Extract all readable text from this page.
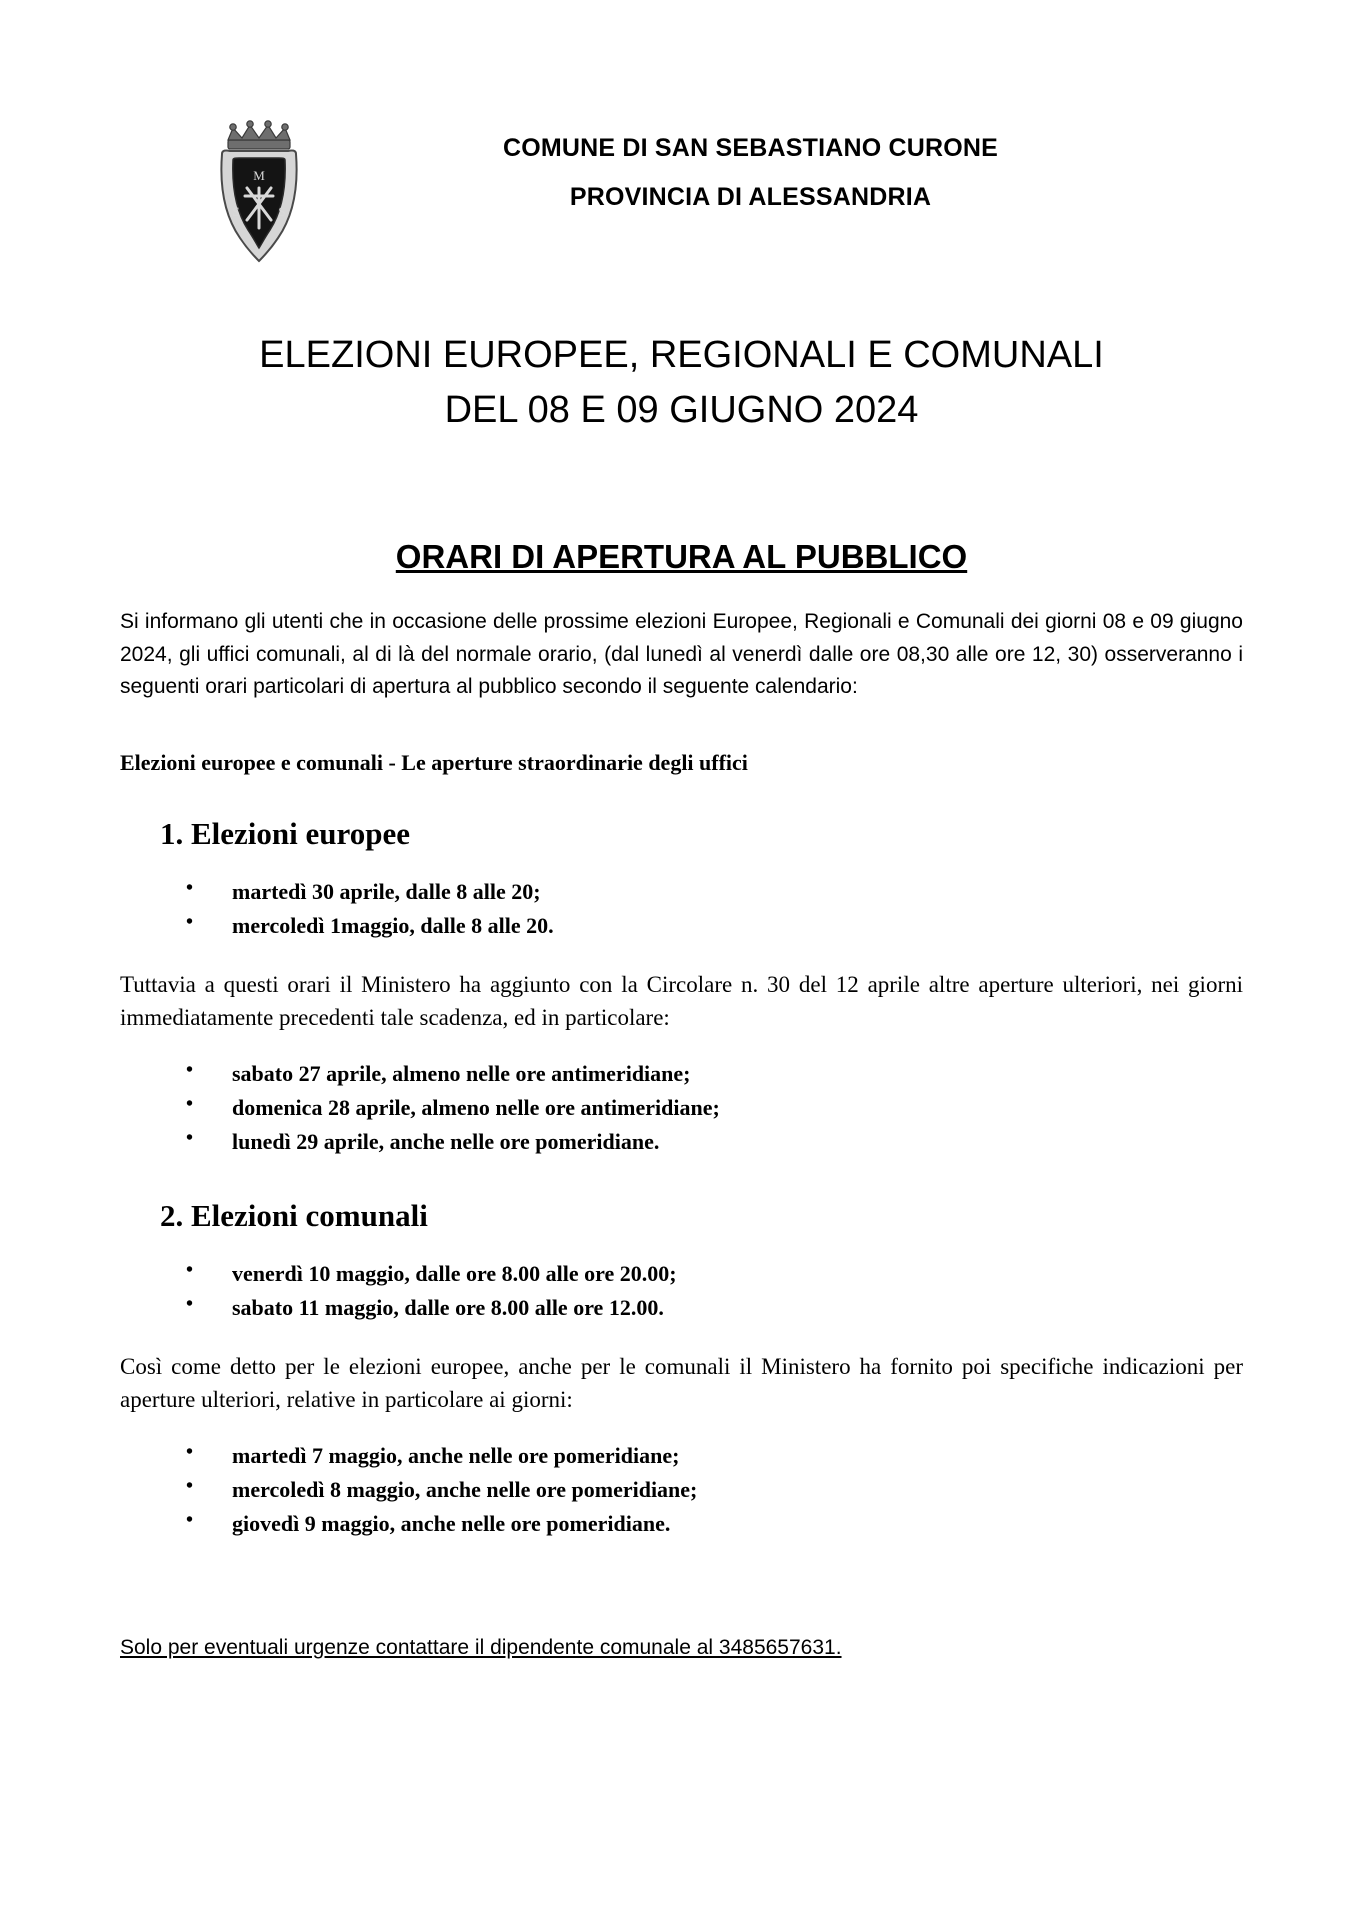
M
S	S
COMUNE DI SAN SEBASTIANO CURONE
PROVINCIA DI ALESSANDRIA
ELEZIONI EUROPEE, REGIONALI E COMUNALI
DEL 08 E 09 GIUGNO 2024
ORARI DI APERTURA AL PUBBLICO

Si informano gli utenti che in occasione delle prossime elezioni Europee, Regionali e Comunali dei giorni 08 e 09 giugno 2024, gli uffici comunali, al di là del normale orario, (dal lunedì al venerdì dalle ore 08,30 alle ore 12, 30) osserveranno i seguenti orari particolari di apertura al pubblico secondo il seguente calendario:

Elezioni europee e comunali - Le aperture straordinarie degli uffici

1. Elezioni europee
• martedì 30 aprile, dalle 8 alle 20;
• mercoledì 1maggio, dalle 8 alle 20.

Tuttavia a questi orari il Ministero ha aggiunto con la Circolare n. 30 del 12 aprile altre aperture ulteriori, nei giorni immediatamente precedenti tale scadenza, ed in particolare:

• sabato 27 aprile, almeno nelle ore antimeridiane;
• domenica 28 aprile, almeno nelle ore antimeridiane;
• lunedì 29 aprile, anche nelle ore pomeridiane.
2. Elezioni comunali
• venerdì 10 maggio, dalle ore 8.00 alle ore 20.00;
• sabato 11 maggio, dalle ore 8.00 alle ore 12.00.

Così come detto per le elezioni europee, anche per le comunali il Ministero ha fornito poi specifiche indicazioni per aperture ulteriori, relative in particolare ai giorni:

• martedì 7 maggio, anche nelle ore pomeridiane;
• mercoledì 8 maggio, anche nelle ore pomeridiane;
• giovedì 9 maggio, anche nelle ore pomeridiane.

Solo per eventuali urgenze contattare il dipendente comunale al 3485657631.
